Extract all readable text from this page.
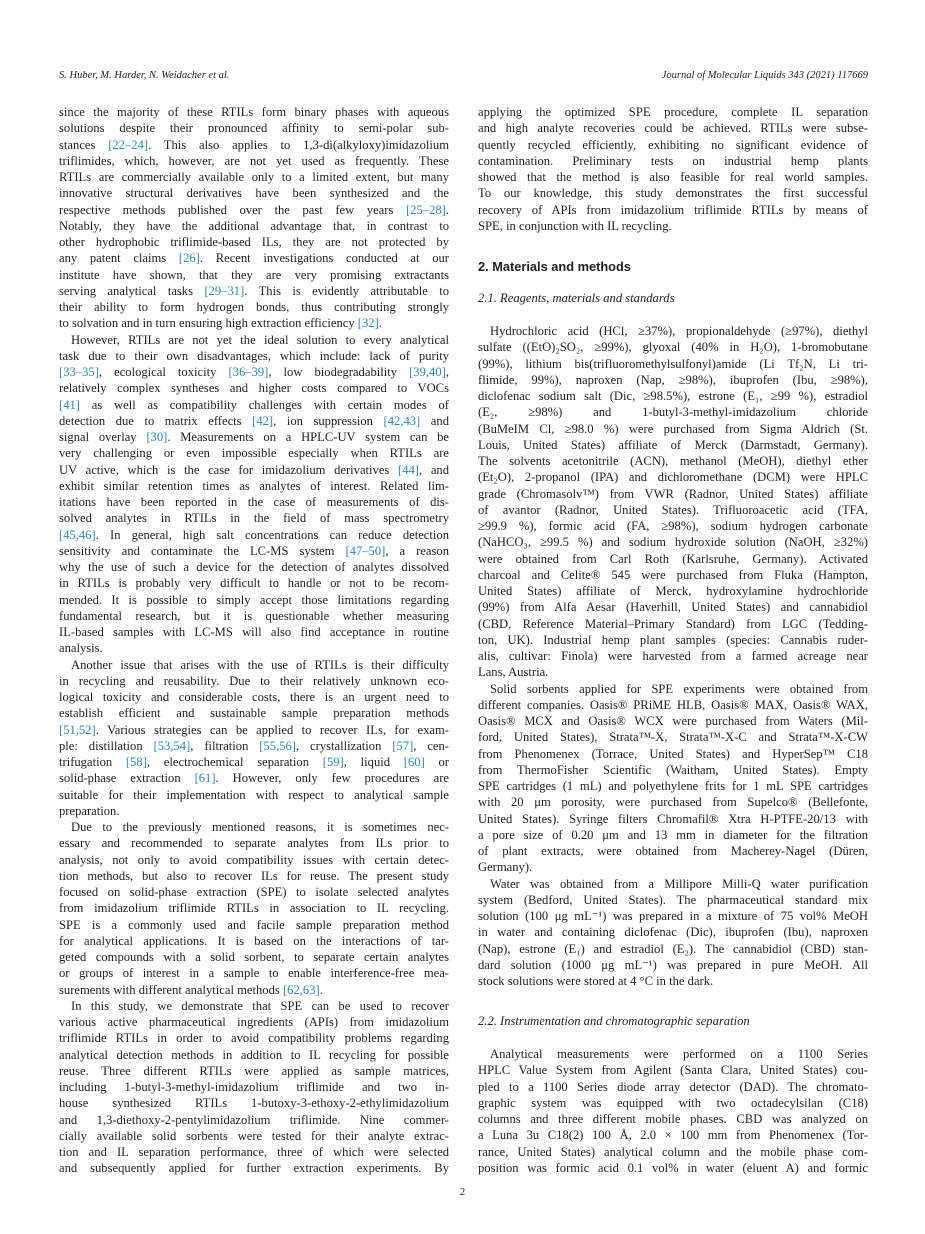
S. Huber, M. Harder, N. Weidacher et al.	Journal of Molecular Liquids 343 (2021) 117669
since the majority of these RTILs form binary phases with aqueous
solutions despite their pronounced affinity to semi-polar sub-
stances [22–24]. This also applies to 1,3-di(alkyloxy)imidazolium
triflimides, which, however, are not yet used as frequently. These
RTILs are commercially available only to a limited extent, but many
innovative structural derivatives have been synthesized and the
respective methods published over the past few years [25–28].
Notably, they have the additional advantage that, in contrast to
other hydrophobic triflimide-based ILs, they are not protected by
any patent claims [26]. Recent investigations conducted at our
institute have shown, that they are very promising extractants
serving analytical tasks [29–31]. This is evidently attributable to
their ability to form hydrogen bonds, thus contributing strongly
to solvation and in turn ensuring high extraction efficiency [32].
However, RTILs are not yet the ideal solution to every analytical
task due to their own disadvantages, which include: lack of purity
[33–35], ecological toxicity [36–39], low biodegradability [39,40],
relatively complex syntheses and higher costs compared to VOCs
[41] as well as compatibility challenges with certain modes of
detection due to matrix effects [42], ion suppression [42,43] and
signal overlay [30]. Measurements on a HPLC-UV system can be
very challenging or even impossible especially when RTILs are
UV active, which is the case for imidazolium derivatives [44], and
exhibit similar retention times as analytes of interest. Related lim-
itations have been reported in the case of measurements of dis-
solved analytes in RTILs in the field of mass spectrometry
[45,46]. In general, high salt concentrations can reduce detection
sensitivity and contaminate the LC-MS system [47–50], a reason
why the use of such a device for the detection of analytes dissolved
in RTILs is probably very difficult to handle or not to be recom-
mended. It is possible to simply accept those limitations regarding
fundamental research, but it is questionable whether measuring
IL-based samples with LC-MS will also find acceptance in routine
analysis.
Another issue that arises with the use of RTILs is their difficulty
in recycling and reusability. Due to their relatively unknown eco-
logical toxicity and considerable costs, there is an urgent need to
establish efficient and sustainable sample preparation methods
[51,52]. Various strategies can be applied to recover ILs, for exam-
ple: distillation [53,54], filtration [55,56], crystallization [57], cen-
trifugation [58], electrochemical separation [59], liquid [60] or
solid-phase extraction [61]. However, only few procedures are
suitable for their implementation with respect to analytical sample
preparation.
Due to the previously mentioned reasons, it is sometimes nec-
essary and recommended to separate analytes from ILs prior to
analysis, not only to avoid compatibility issues with certain detec-
tion methods, but also to recover ILs for reuse. The present study
focused on solid-phase extraction (SPE) to isolate selected analytes
from imidazolium triflimide RTILs in association to IL recycling.
SPE is a commonly used and facile sample preparation method
for analytical applications. It is based on the interactions of tar-
geted compounds with a solid sorbent, to separate certain analytes
or groups of interest in a sample to enable interference-free mea-
surements with different analytical methods [62,63].
In this study, we demonstrate that SPE can be used to recover
various active pharmaceutical ingredients (APIs) from imidazolium
triflimide RTILs in order to avoid compatibility problems regarding
analytical detection methods in addition to IL recycling for possible
reuse. Three different RTILs were applied as sample matrices,
including 1-butyl-3-methyl-imidazolium triflimide and two in-
house synthesized RTILs 1-butoxy-3-ethoxy-2-ethylimidazolium
and 1,3-diethoxy-2-pentylimidazolium triflimide. Nine commer-
cially available solid sorbents were tested for their analyte extrac-
tion and IL separation performance, three of which were selected
and subsequently applied for further extraction experiments. By
applying the optimized SPE procedure, complete IL separation
and high analyte recoveries could be achieved. RTILs were subse-
quently recycled efficiently, exhibiting no significant evidence of
contamination. Preliminary tests on industrial hemp plants
showed that the method is also feasible for real world samples.
To our knowledge, this study demonstrates the first successful
recovery of APIs from imidazolium triflimide RTILs by means of
SPE, in conjunction with IL recycling.
2. Materials and methods
2.1. Reagents, materials and standards
Hydrochloric acid (HCl, ≥37%), propionaldehyde (≥97%), diethyl
sulfate ((EtO)₂SO₂, ≥99%), glyoxal (40% in H₂O), 1-bromobutane
(99%), lithium bis(trifluoromethylsulfonyl)amide (Li Tf₂N, Li tri-
flimide, 99%), naproxen (Nap, ≥98%), ibuprofen (Ibu, ≥98%),
diclofenac sodium salt (Dic, ≥98.5%), estrone (E₁, ≥99 %), estradiol
(E₂, ≥98%) and 1-butyl-3-methyl-imidazolium chloride
(BuMeIM Cl, ≥98.0 %) were purchased from Sigma Aldrich (St.
Louis, United States) affiliate of Merck (Darmstadt, Germany).
The solvents acetonitrile (ACN), methanol (MeOH), diethyl ether
(Et₂O), 2-propanol (IPA) and dichloromethane (DCM) were HPLC
grade (Chromasolv™) from VWR (Radnor, United States) affiliate
of avantor (Radnor, United States). Trifluoroacetic acid (TFA,
≥99.9 %), formic acid (FA, ≥98%), sodium hydrogen carbonate
(NaHCO₃, ≥99.5 %) and sodium hydroxide solution (NaOH, ≥32%)
were obtained from Carl Roth (Karlsruhe, Germany). Activated
charcoal and Celite® 545 were purchased from Fluka (Hampton,
United States) affiliate of Merck, hydroxylamine hydrochloride
(99%) from Alfa Aesar (Haverhill, United States) and cannabidiol
(CBD, Reference Material–Primary Standard) from LGC (Tedding-
ton, UK). Industrial hemp plant samples (species: Cannabis ruder-
alis, cultivar: Finola) were harvested from a farmed acreage near
Lans, Austria.
Solid sorbents applied for SPE experiments were obtained from
different companies. Oasis® PRiME HLB, Oasis® MAX, Oasis® WAX,
Oasis® MCX and Oasis® WCX were purchased from Waters (Mil-
ford, United States), Strata™-X, Strata™-X-C and Strata™-X-CW
from Phenomenex (Torrace, United States) and HyperSep™ C18
from ThermoFisher Scientific (Waitham, United States). Empty
SPE cartridges (1 mL) and polyethylene frits for 1 mL SPE cartridges
with 20 μm porosity, were purchased from Supelco® (Bellefonte,
United States). Syringe filters Chromafil® Xtra H-PTFE-20/13 with
a pore size of 0.20 μm and 13 mm in diameter for the filtration
of plant extracts, were obtained from Macherey-Nagel (Düren,
Germany).
Water was obtained from a Millipore Milli-Q water purification
system (Bedford, United States). The pharmaceutical standard mix
solution (100 μg mL⁻¹) was prepared in a mixture of 75 vol% MeOH
in water and containing diclofenac (Dic), ibuprofen (Ibu), naproxen
(Nap), estrone (E₁) and estradiol (E₂). The cannabidiol (CBD) stan-
dard solution (1000 μg mL⁻¹) was prepared in pure MeOH. All
stock solutions were stored at 4 °C in the dark.
2.2. Instrumentation and chromatographic separation
Analytical measurements were performed on a 1100 Series
HPLC Value System from Agilent (Santa Clara, United States) cou-
pled to a 1100 Series diode array detector (DAD). The chromato-
graphic system was equipped with two octadecylsilan (C18)
columns and three different mobile phases. CBD was analyzed on
a Luna 3u C18(2) 100 Å, 2.0 × 100 mm from Phenomenex (Tor-
rance, United States) analytical column and the mobile phase com-
position was formic acid 0.1 vol% in water (eluent A) and formic
2
